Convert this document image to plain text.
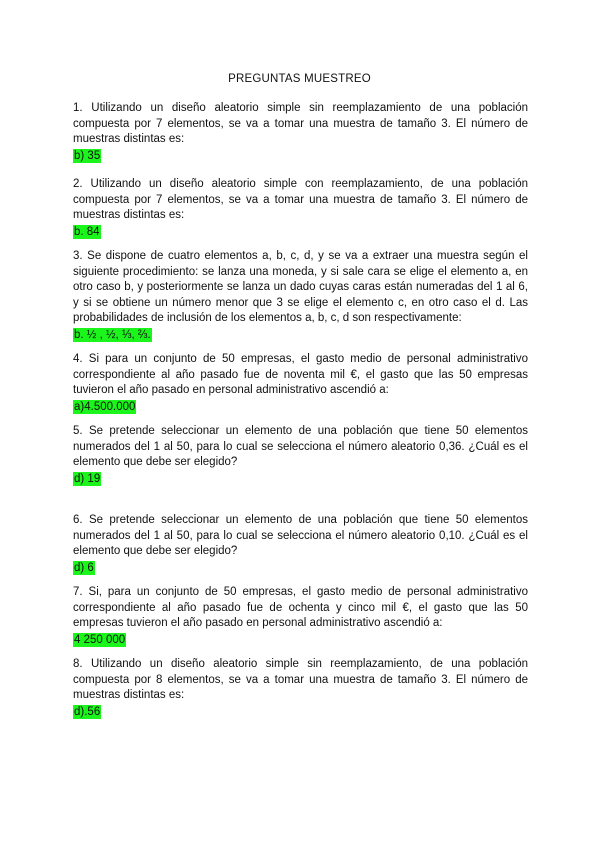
PREGUNTAS MUESTREO

1. Utilizando un diseño aleatorio simple sin reemplazamiento de una población compuesta por 7 elementos, se va a tomar una muestra de tamaño 3. El número de muestras distintas es:

b) 35

2. Utilizando un diseño aleatorio simple con reemplazamiento, de una población compuesta por 7 elementos, se va a tomar una muestra de tamaño 3. El número de muestras distintas es:

b. 84

3. Se dispone de cuatro elementos a, b, c, d, y se va a extraer una muestra según el siguiente procedimiento: se lanza una moneda, y si sale cara se elige el elemento a, en otro caso b, y posteriormente se lanza un dado cuyas caras están numeradas del 1 al 6, y si se obtiene un número menor que 3 se elige el elemento c, en otro caso el d. Las probabilidades de inclusión de los elementos a, b, c, d son respectivamente:

b. ½ , ½, ⅓, ⅔.

4. Si para un conjunto de 50 empresas, el gasto medio de personal administrativo correspondiente al año pasado fue de noventa mil €, el gasto que las 50 empresas tuvieron el año pasado en personal administrativo ascendió a:

a)4.500.000

5. Se pretende seleccionar un elemento de una población que tiene 50 elementos numerados del 1 al 50, para lo cual se selecciona el número aleatorio 0,36. ¿Cuál es el elemento que debe ser elegido?

d) 19

6. Se pretende seleccionar un elemento de una población que tiene 50 elementos numerados del 1 al 50, para lo cual se selecciona el número aleatorio 0,10. ¿Cuál es el elemento que debe ser elegido?

d) 6

7. Si, para un conjunto de 50 empresas, el gasto medio de personal administrativo correspondiente al año pasado fue de ochenta y cinco mil €, el gasto que las 50 empresas tuvieron el año pasado en personal administrativo ascendió a:

4 250 000

8. Utilizando un diseño aleatorio simple sin reemplazamiento, de una población compuesta por 8 elementos, se va a tomar una muestra de tamaño 3. El número de muestras distintas es:

d).56
